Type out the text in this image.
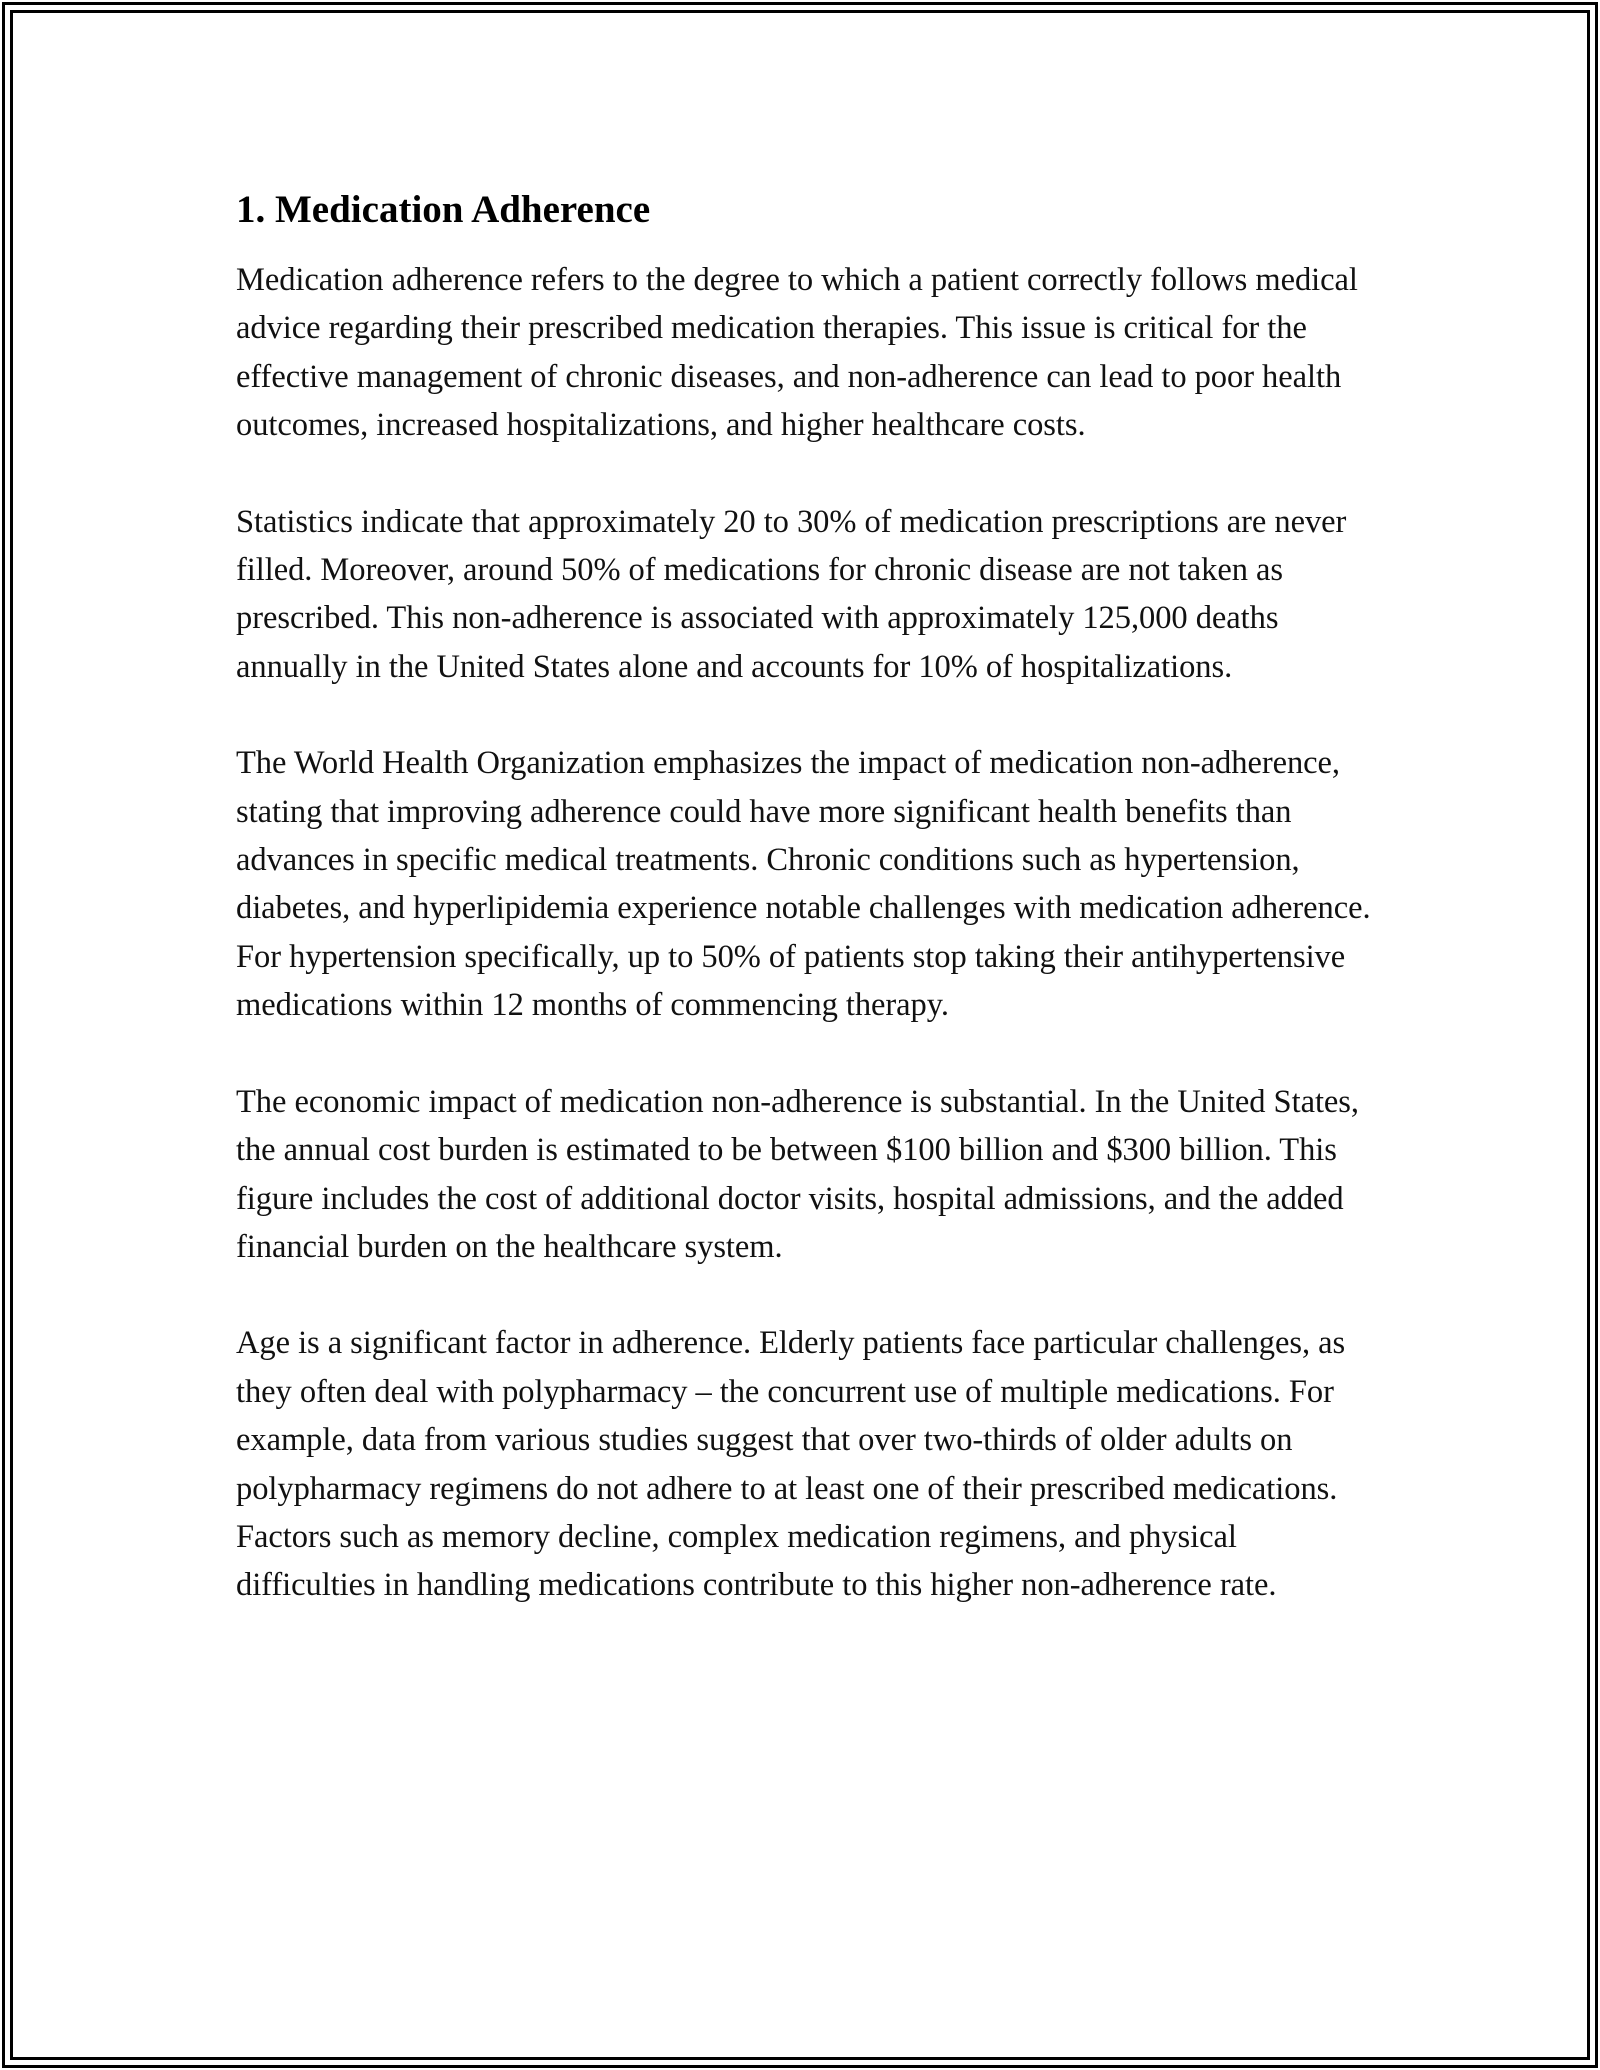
1. Medication Adherence

Medication adherence refers to the degree to which a patient correctly follows medical advice regarding their prescribed medication therapies. This issue is critical for the effective management of chronic diseases, and non-adherence can lead to poor health outcomes, increased hospitalizations, and higher healthcare costs.

Statistics indicate that approximately 20 to 30% of medication prescriptions are never filled. Moreover, around 50% of medications for chronic disease are not taken as prescribed. This non-adherence is associated with approximately 125,000 deaths annually in the United States alone and accounts for 10% of hospitalizations.

The World Health Organization emphasizes the impact of medication non-adherence, stating that improving adherence could have more significant health benefits than advances in specific medical treatments. Chronic conditions such as hypertension, diabetes, and hyperlipidemia experience notable challenges with medication adherence. For hypertension specifically, up to 50% of patients stop taking their antihypertensive medications within 12 months of commencing therapy.

The economic impact of medication non-adherence is substantial. In the United States, the annual cost burden is estimated to be between $100 billion and $300 billion. This figure includes the cost of additional doctor visits, hospital admissions, and the added financial burden on the healthcare system.

Age is a significant factor in adherence. Elderly patients face particular challenges, as they often deal with polypharmacy – the concurrent use of multiple medications. For example, data from various studies suggest that over two-thirds of older adults on polypharmacy regimens do not adhere to at least one of their prescribed medications. Factors such as memory decline, complex medication regimens, and physical difficulties in handling medications contribute to this higher non-adherence rate.
